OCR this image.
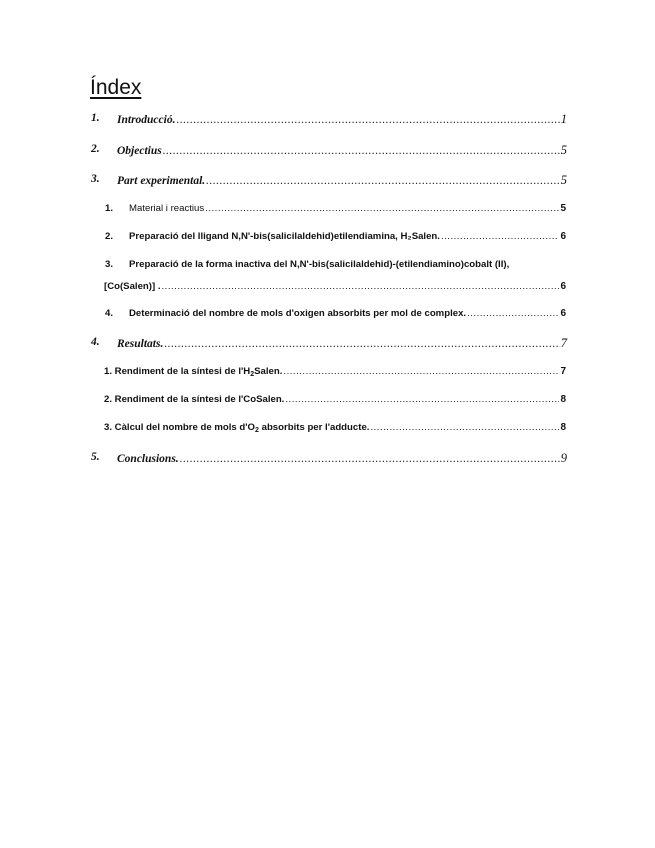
Índex
1. Introducció. .....	1
2. Objectius .....	5
3. Part experimental. .....	5
1. Material i reactius .....	5
2. Preparació del lligand N,N'-bis(salicilaldehid)etilendiamina, H₂Salen. .....	6
3. Preparació de la forma inactiva del N,N'-bis(salicilaldehid)-(etilendiamino)cobalt (II),
[Co(Salen)] . .....	6
4. Determinació del nombre de mols d'oxigen absorbits per mol de complex. .....	6
4. Resultats. .....	7
1. Rendiment de la síntesi de $l'H_2Salen$. .....	7
2. Rendiment de la síntesi de l'CoSalen. .....	8
3. Càlcul del nombre de mols $d'O_2$ absorbits per l'adducte. .....	8
5. Conclusions. .....	9
